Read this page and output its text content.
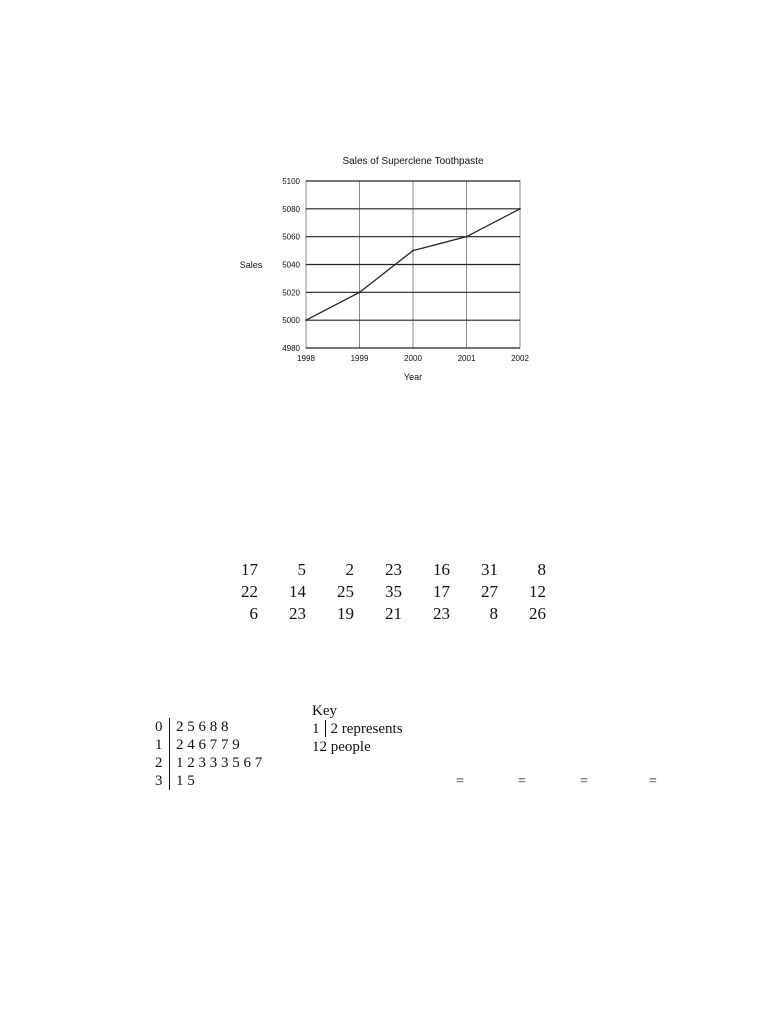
4980
5000
5020
5040
5060
5080
5100
1998	1999	2000	2001	2002
Sales of Superclene Toothpaste
Year
Sales
17	5	2	23	16	31	8
22	14	25	35	17	27	12
6	23	19	21	23	8	26
Key
1 2 represents
12 people
0 2 5 6 8 8
1 2 4 6 7 7 9
2 1 2 3 3 3 5 6 7
3 1 5	=	=	=	=
